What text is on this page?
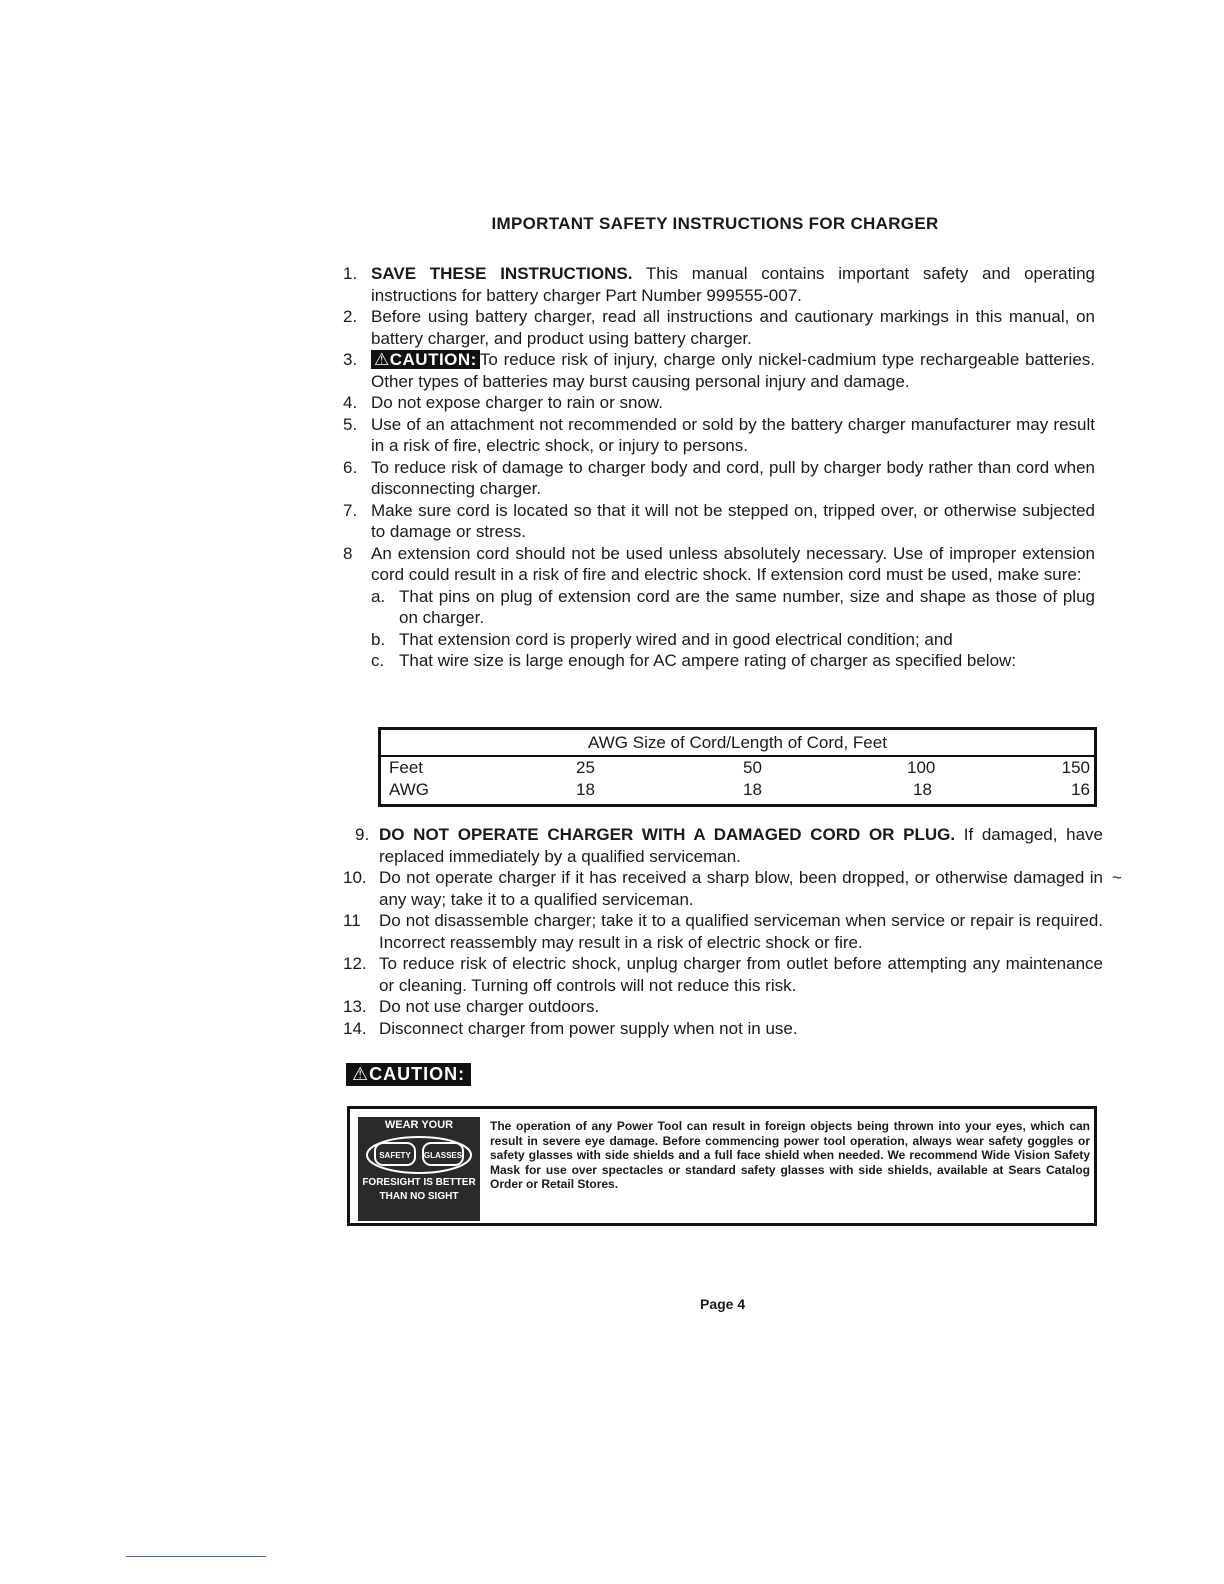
IMPORTANT SAFETY INSTRUCTIONS FOR CHARGER
1. SAVE THESE INSTRUCTIONS. This manual contains important safety and operating instructions for battery charger Part Number 999555-007.
2. Before using battery charger, read all instructions and cautionary markings in this manual, on battery charger, and product using battery charger.
3. ⚠CAUTION: To reduce risk of injury, charge only nickel-cadmium type rechargeable batteries. Other types of batteries may burst causing personal injury and damage.
4. Do not expose charger to rain or snow.
5. Use of an attachment not recommended or sold by the battery charger manufacturer may result in a risk of fire, electric shock, or injury to persons.
6. To reduce risk of damage to charger body and cord, pull by charger body rather than cord when disconnecting charger.
7. Make sure cord is located so that it will not be stepped on, tripped over, or otherwise subjected to damage or stress.
8 An extension cord should not be used unless absolutely necessary. Use of improper extension cord could result in a risk of fire and electric shock. If extension cord must be used, make sure:
a. That pins on plug of extension cord are the same number, size and shape as those of plug on charger.
b. That extension cord is properly wired and in good electrical condition; and
c. That wire size is large enough for AC ampere rating of charger as specified below:
AWG Size of Cord/Length of Cord, Feet
Feet	25	50	100	150
AWG	18	18	18	16
9. DO NOT OPERATE CHARGER WITH A DAMAGED CORD OR PLUG. If damaged, have replaced immediately by a qualified serviceman.
10. Do not operate charger if it has received a sharp blow, been dropped, or otherwise damaged in any way; take it to a qualified serviceman.
11 Do not disassemble charger; take it to a qualified serviceman when service or repair is required. Incorrect reassembly may result in a risk of electric shock or fire.
12. To reduce risk of electric shock, unplug charger from outlet before attempting any maintenance or cleaning. Turning off controls will not reduce this risk.
13. Do not use charger outdoors.
14. Disconnect charger from power supply when not in use.
~
⚠CAUTION:
WEAR YOUR
SAFETY GLASSES
FORESIGHT IS BETTER
THAN NO SIGHT
The operation of any Power Tool can result in foreign objects being thrown into your eyes, which can result in severe eye damage. Before commencing power tool operation, always wear safety goggles or safety glasses with side shields and a full face shield when needed. We recommend Wide Vision Safety Mask for use over spectacles or standard safety glasses with side shields, available at Sears Catalog Order or Retail Stores.
Page 4
